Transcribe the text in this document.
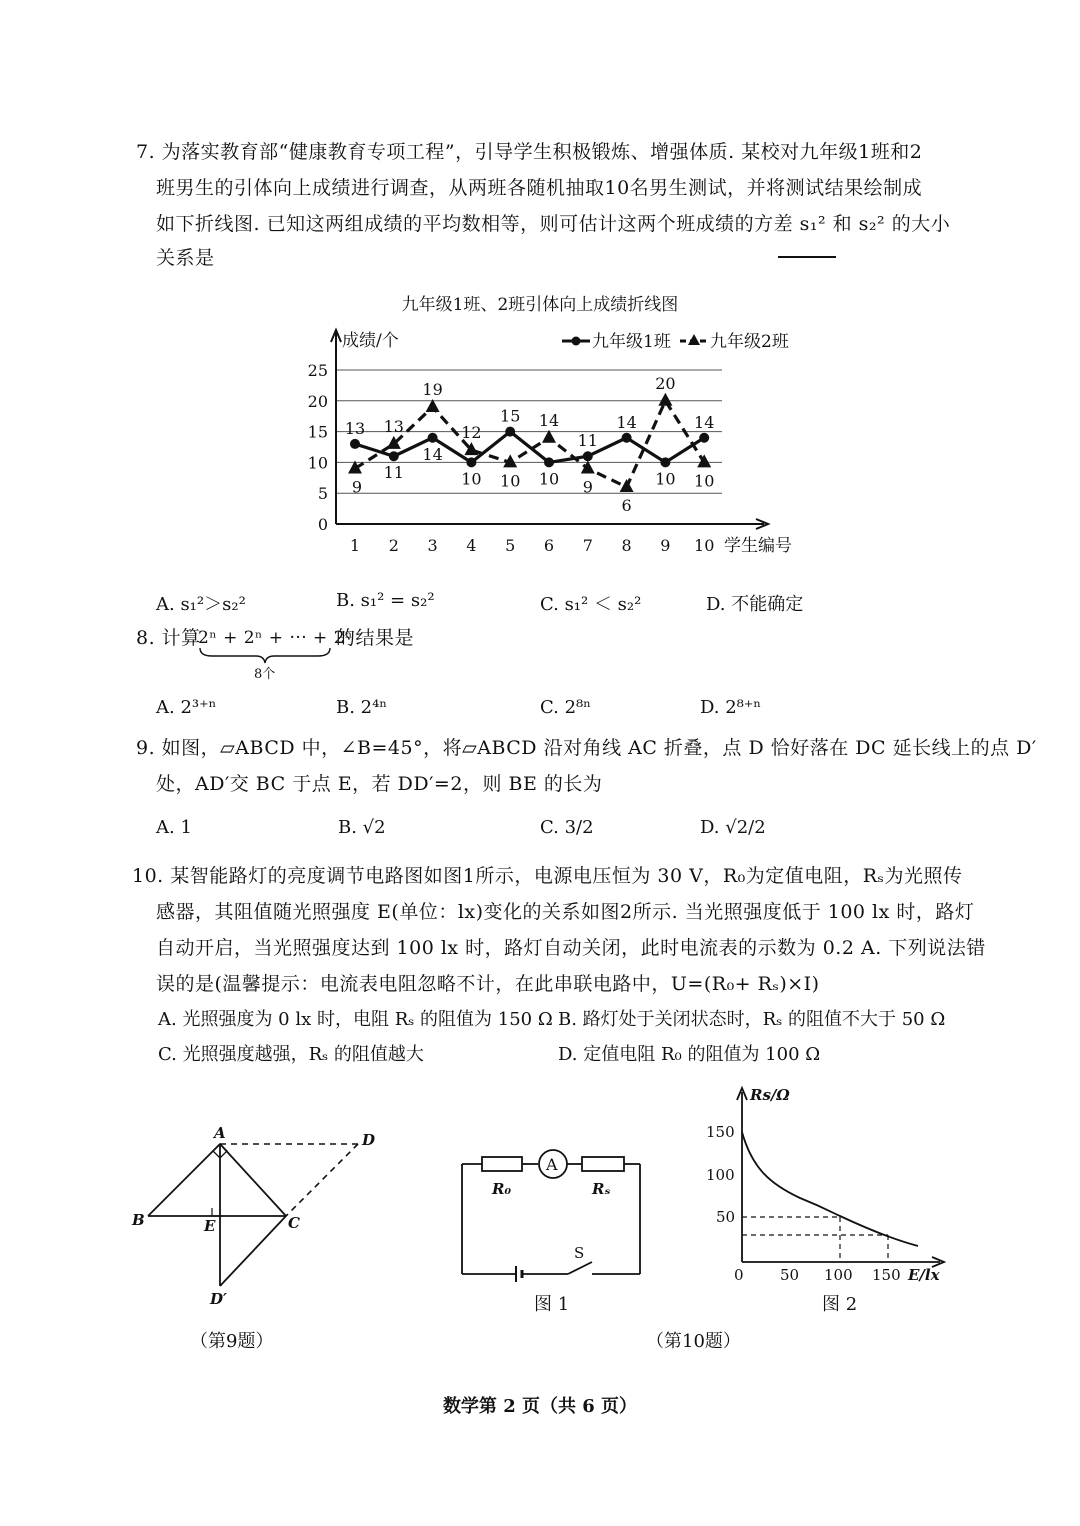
7. 为落实教育部“健康教育专项工程”，引导学生积极锻炼、增强体质. 某校对九年级1班和2
班男生的引体向上成绩进行调查，从两班各随机抽取10名男生测试，并将测试结果绘制成
如下折线图. 已知这两组成绩的平均数相等，则可估计这两个班成绩的方差 s₁² 和 s₂² 的大小
关系是
九年级1班、2班引体向上成绩折线图
0
5
10
15
20
25
成绩/个
学生编号
1 2 3 4 5 6 7 8 9 10
13
11
14
10
15
10
11
14
10
14
9
13
19
12
10
14
9
6
20
10
九年级1班 九年级2班
A. s₁²＞s₂²	B. s₁² = s₂²	C. s₁² ＜ s₂²	D. 不能确定
8. 计算
2ⁿ + 2ⁿ + ··· + 2ⁿ
8个
的结果是
A. 2³⁺ⁿ	B. 2⁴ⁿ	C. 2⁸ⁿ	D. 2⁸⁺ⁿ
9. 如图，▱ABCD 中，∠B=45°，将▱ABCD 沿对角线 AC 折叠，点 D 恰好落在 DC 延长线上的点 D′
处，AD′交 BC 于点 E，若 DD′=2，则 BE 的长为
A. 1	B. √2	C. 3/2	D. √2/2
10. 某智能路灯的亮度调节电路图如图1所示，电源电压恒为 30 V，R₀为定值电阻，Rₛ为光照传
感器，其阻值随光照强度 E(单位：lx)变化的关系如图2所示. 当光照强度低于 100 lx 时，路灯
自动开启，当光照强度达到 100 lx 时，路灯自动关闭，此时电流表的示数为 0.2 A. 下列说法错
误的是(温馨提示：电流表电阻忽略不计，在此串联电路中，U=(R₀+ Rₛ)×I)
A. 光照强度为 0 lx 时，电阻 Rₛ 的阻值为 150 Ω B. 路灯处于关闭状态时，Rₛ 的阻值不大于 50 Ω
C. 光照强度越强，Rₛ 的阻值越大	D. 定值电阻 R₀ 的阻值为 100 Ω
A
B	C
D
E
D′
（第9题）
A
R₀	Rₛ
S
图 1
Rs/Ω
150
100
50
0 50 100 150 E/lx
图 2
（第10题）
数学第 2 页（共 6 页）
